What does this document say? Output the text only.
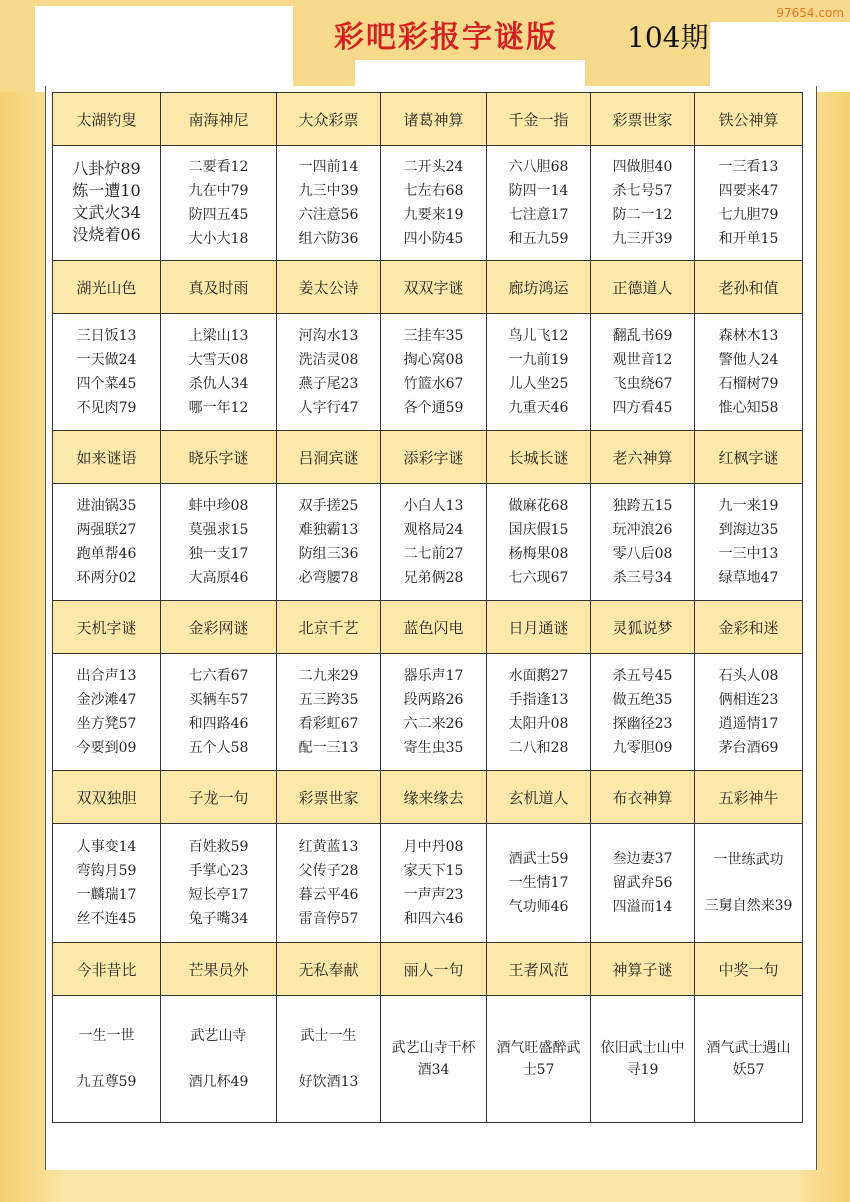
彩吧彩报字谜版 104期
97654.com
太湖钓叟	南海神尼	大众彩票	诸葛神算	千金一指	彩票世家	铁公神算

八卦炉89
炼一遭10
文武火34
没烧着06	二要看12
九在中79
防四五45
大小大18	一四前14
九三中39
六注意56
组六防36	二开头24
七左右68
九要来19
四小防45	六八胆68
防四一14
七注意17
和五九59	四做胆40
杀七号57
防二一12
九三开39	一三看13
四要来47
七九胆79
和开单15

湖光山色	真及时雨	姜太公诗	双双字谜	廊坊鸿运	正德道人	老孙和值

三日饭13
一天做24
四个菜45
不见肉79	上梁山13
大雪天08
杀仇人34
哪一年12	河沟水13
洗洁灵08
燕子尾23
人字行47	三挂车35
掏心窝08
竹篮水67
各个通59	鸟儿飞12
一九前19
儿人坐25
九重天46	翻乱书69
观世音12
飞虫绕67
四方看45	森林木13
警他人24
石榴树79
惟心知58

如来谜语	晓乐字谜	吕洞宾谜	添彩字谜	长城长谜	老六神算	红枫字谜

进油锅35
两强联27
跑单帮46
环两分02	蚌中珍08
莫强求15
独一支17
大高原46	双手搓25
难独霸13
防组三36
必弯腰78	小白人13
观格局24
二七前27
兄弟俩28	做麻花68
国庆假15
杨梅果08
七六现67	独跨五15
玩冲浪26
零八后08
杀三号34	九一来19
到海边35
一三中13
绿草地47

天机字谜	金彩网谜	北京千艺	蓝色闪电	日月通谜	灵狐说梦	金彩和迷

出合声13
金沙滩47
坐方凳57
今要到09	七六看67
买辆车57
和四路46
五个人58	二九来29
五三跨35
看彩虹67
配一三13	器乐声17
段两路26
六二来26
寄生虫35	水面鹅27
手指逢13
太阳升08
二八和28	杀五号45
做五绝35
探幽径23
九零胆09	石头人08
俩相连23
逍遥情17
茅台酒69

双双独胆	子龙一句	彩票世家	缘来缘去	玄机道人	布衣神算	五彩神牛

人事变14
弯钩月59
一麟瑞17
丝不连45	百姓救59
手掌心23
短长亭17
兔子嘴34	红黄蓝13
父传子28
暮云平46
雷音停57	月中丹08
家天下15
一声声23
和四六46	酒武士59
一生情17
气功师46	叁边妻37
留武弁56
四溢而14	一世练武功
三舅自然来39

今非昔比	芒果员外	无私奉献	丽人一句	王者风范	神算子谜	中奖一句

一生一世
九五尊59	武艺山寺
酒几杯49	武士一生
好饮酒13	武艺山寺干杯酒34	酒气旺盛醉武士57	依旧武士山中寻19	酒气武士遇山妖57
